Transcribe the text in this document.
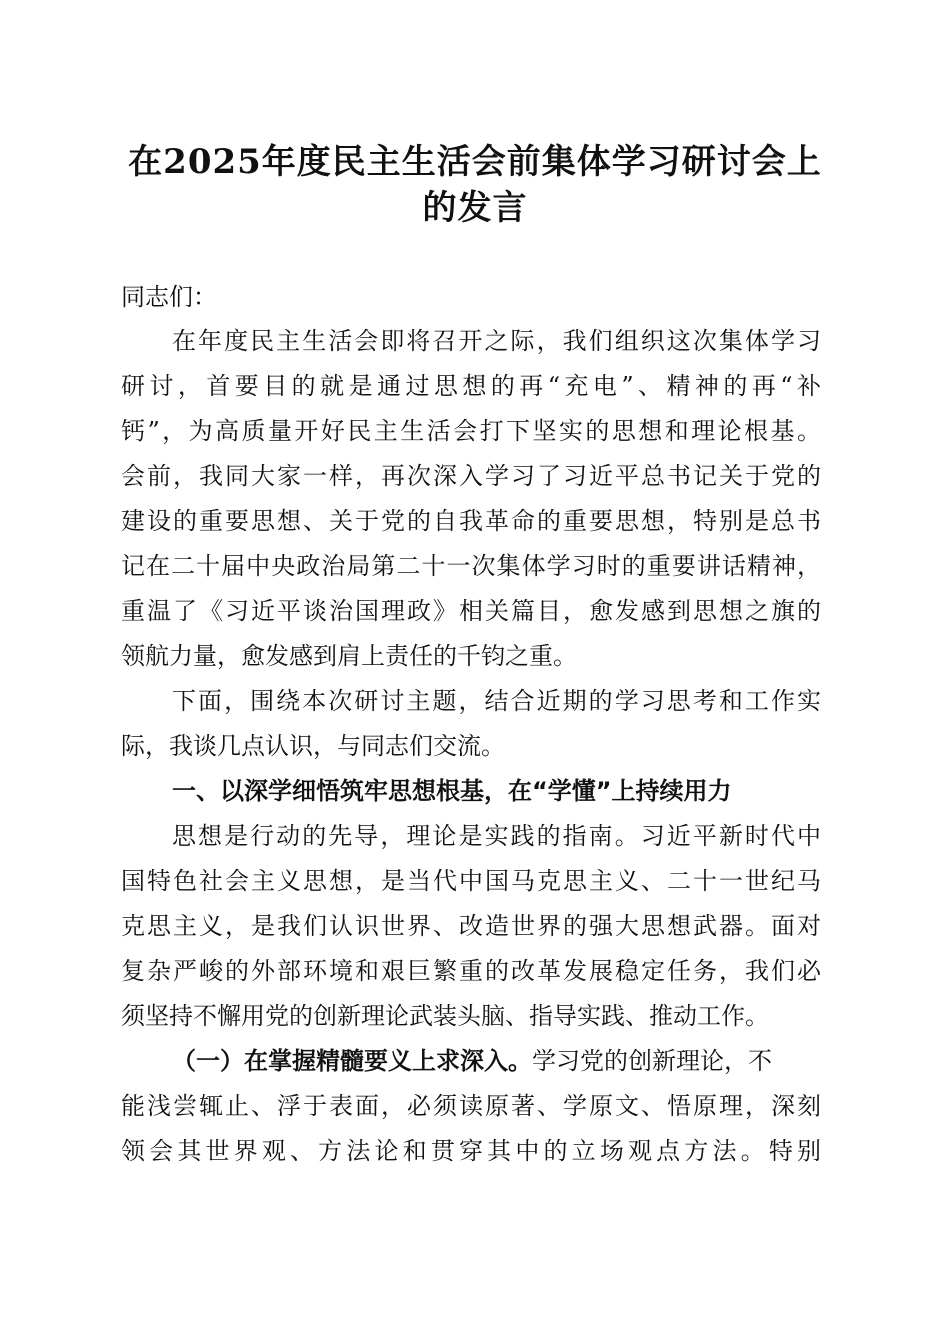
在2025年度民主生活会前集体学习研讨会上
的发言

同志们：

在年度民主生活会即将召开之际，我们组织这次集体学习

研讨，首要目的就是通过思想的再“充电”、精神的再“补

钙”，为高质量开好民主生活会打下坚实的思想和理论根基。

会前，我同大家一样，再次深入学习了习近平总书记关于党的

建设的重要思想、关于党的自我革命的重要思想，特别是总书

记在二十届中央政治局第二十一次集体学习时的重要讲话精神，

重温了《习近平谈治国理政》相关篇目，愈发感到思想之旗的

领航力量，愈发感到肩上责任的千钧之重。

下面，围绕本次研讨主题，结合近期的学习思考和工作实

际，我谈几点认识，与同志们交流。

一、以深学细悟筑牢思想根基，在“学懂”上持续用力

思想是行动的先导，理论是实践的指南。习近平新时代中

国特色社会主义思想，是当代中国马克思主义、二十一世纪马

克思主义，是我们认识世界、改造世界的强大思想武器。面对

复杂严峻的外部环境和艰巨繁重的改革发展稳定任务，我们必

须坚持不懈用党的创新理论武装头脑、指导实践、推动工作。

（一）在掌握精髓要义上求深入。学习党的创新理论，不

能浅尝辄止、浮于表面，必须读原著、学原文、悟原理，深刻

领会其世界观、方法论和贯穿其中的立场观点方法。特别
